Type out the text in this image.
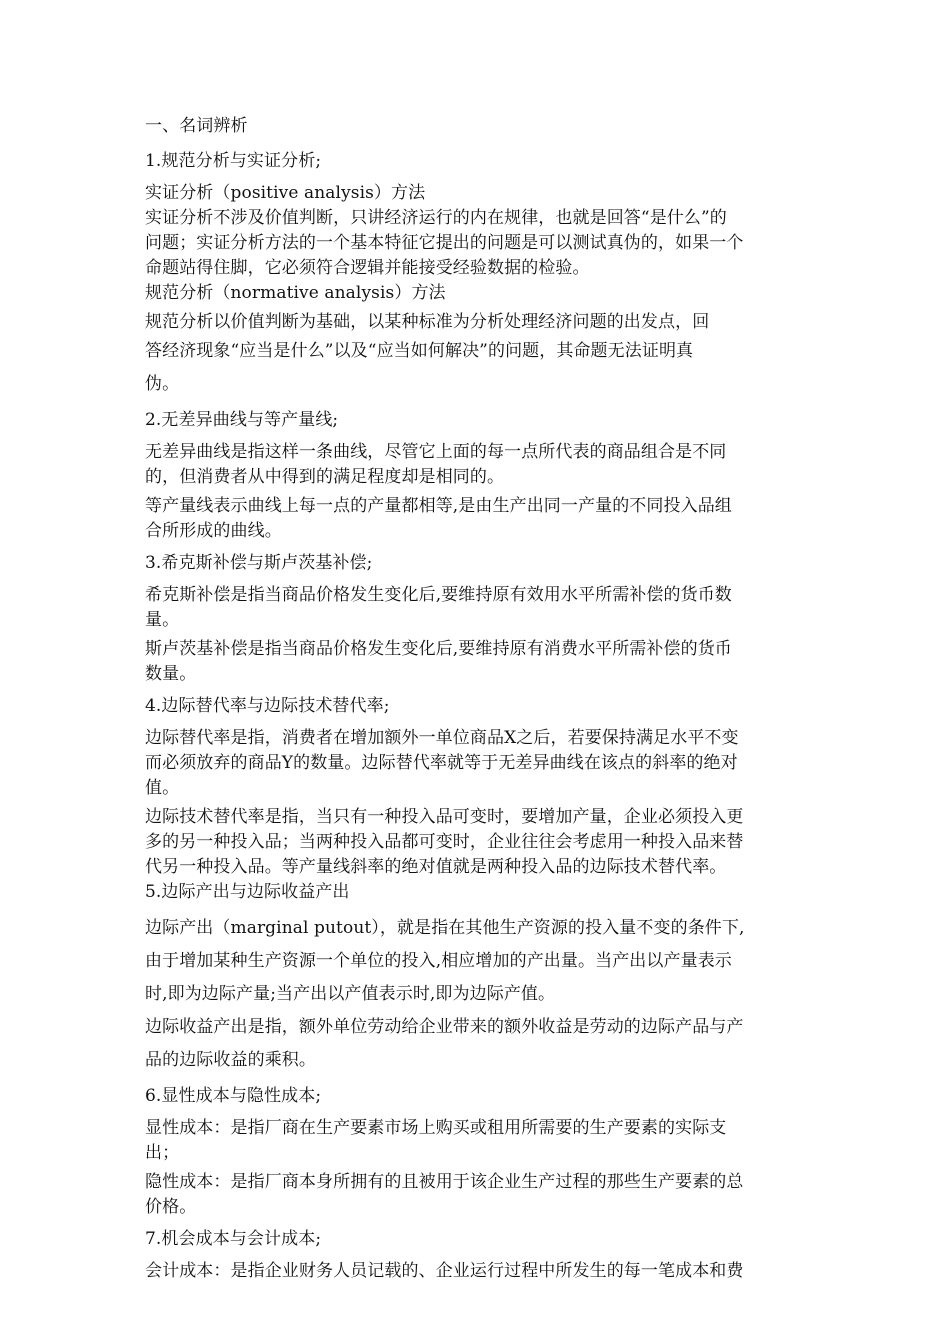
一、名词辨析
1.规范分析与实证分析;
实证分析（positive analysis）方法
实证分析不涉及价值判断，只讲经济运行的内在规律，也就是回答“是什么”的
问题；实证分析方法的一个基本特征它提出的问题是可以测试真伪的，如果一个
命题站得住脚，它必须符合逻辑并能接受经验数据的检验。
规范分析（normative analysis）方法
规范分析以价值判断为基础，以某种标准为分析处理经济问题的出发点，回
答经济现象“应当是什么”以及“应当如何解决”的问题，其命题无法证明真
伪。
2.无差异曲线与等产量线;
无差异曲线是指这样一条曲线，尽管它上面的每一点所代表的商品组合是不同
的，但消费者从中得到的满足程度却是相同的。
等产量线表示曲线上每一点的产量都相等,是由生产出同一产量的不同投入品组
合所形成的曲线。
3.希克斯补偿与斯卢茨基补偿;
希克斯补偿是指当商品价格发生变化后,要维持原有效用水平所需补偿的货币数
量。
斯卢茨基补偿是指当商品价格发生变化后,要维持原有消费水平所需补偿的货币
数量。
4.边际替代率与边际技术替代率;
边际替代率是指，消费者在增加额外一单位商品X之后，若要保持满足水平不变
而必须放弃的商品Y的数量。边际替代率就等于无差异曲线在该点的斜率的绝对
值。
边际技术替代率是指，当只有一种投入品可变时，要增加产量，企业必须投入更
多的另一种投入品；当两种投入品都可变时，企业往往会考虑用一种投入品来替
代另一种投入品。等产量线斜率的绝对值就是两种投入品的边际技术替代率。
5.边际产出与边际收益产出
边际产出（marginal putout），就是指在其他生产资源的投入量不变的条件下,
由于增加某种生产资源一个单位的投入,相应增加的产出量。当产出以产量表示
时,即为边际产量;当产出以产值表示时,即为边际产值。
边际收益产出是指，额外单位劳动给企业带来的额外收益是劳动的边际产品与产
品的边际收益的乘积。
6.显性成本与隐性成本;
显性成本：是指厂商在生产要素市场上购买或租用所需要的生产要素的实际支
出；
隐性成本：是指厂商本身所拥有的且被用于该企业生产过程的那些生产要素的总
价格。
7.机会成本与会计成本;
会计成本：是指企业财务人员记载的、企业运行过程中所发生的每一笔成本和费
